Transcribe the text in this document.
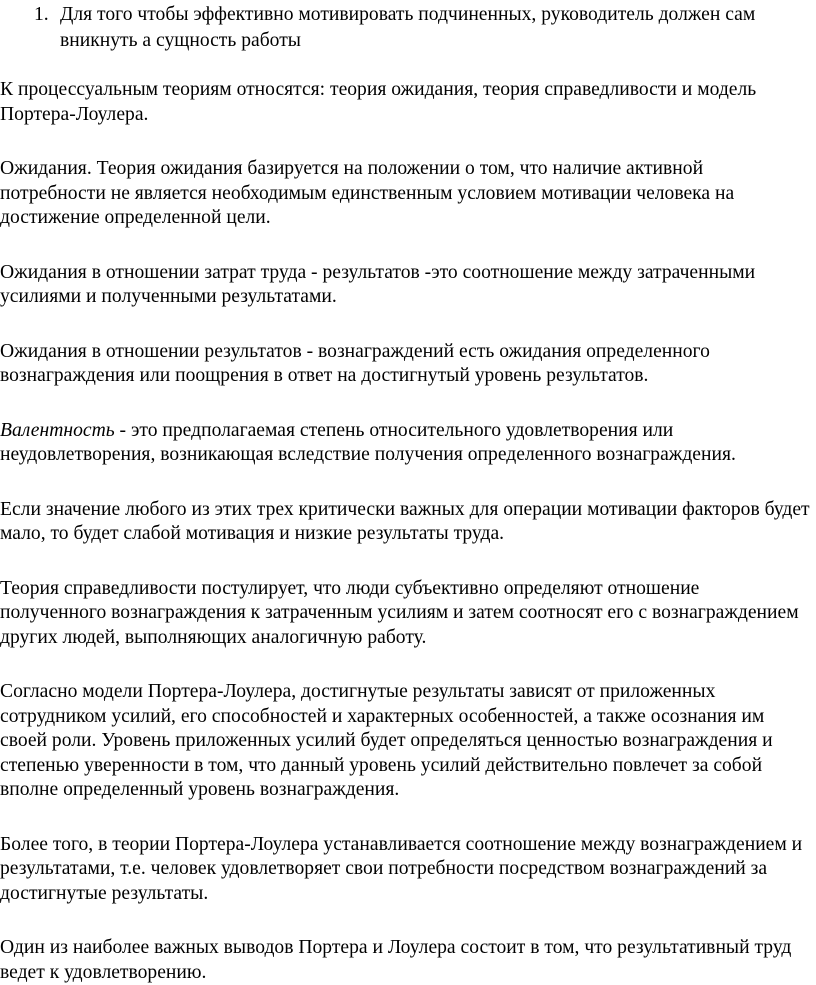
1. Для того чтобы эффективно мотивировать подчиненных, руководитель должен сам вникнуть а сущность работы

К процессуальным теориям относятся: теория ожидания, теория справедливости и модель Портера-Лоулера.

Ожидания. Теория ожидания базируется на положении о том, что наличие активной потребности не является необходимым единственным условием мотивации человека на достижение определенной цели.

Ожидания в отношении затрат труда - результатов -это соотношение между затраченными усилиями и полученными результатами.

Ожидания в отношении результатов - вознаграждений есть ожидания определенного вознаграждения или поощрения в ответ на достигнутый уровень результатов.

Валентность - это предполагаемая степень относительного удовлетворения или неудовлетворения, возникающая вследствие получения определенного вознаграждения.

Если значение любого из этих трех критически важных для операции мотивации факторов будет мало, то будет слабой мотивация и низкие результаты труда.

Теория справедливости постулирует, что люди субъективно определяют отношение полученного вознаграждения к затраченным усилиям и затем соотносят его с вознаграждением других людей, выполняющих аналогичную работу.

Согласно модели Портера-Лоулера, достигнутые результаты зависят от приложенных сотрудником усилий, его способностей и характерных особенностей, а также осознания им своей роли. Уровень приложенных усилий будет определяться ценностью вознаграждения и степенью уверенности в том, что данный уровень усилий действительно повлечет за собой вполне определенный уровень вознаграждения.

Более того, в теории Портера-Лоулера устанавливается соотношение между вознаграждением и результатами, т.е. человек удовлетворяет свои потребности посредством вознаграждений за достигнутые результаты.

Один из наиболее важных выводов Портера и Лоулера состоит в том, что результативный труд ведет к удовлетворению.
